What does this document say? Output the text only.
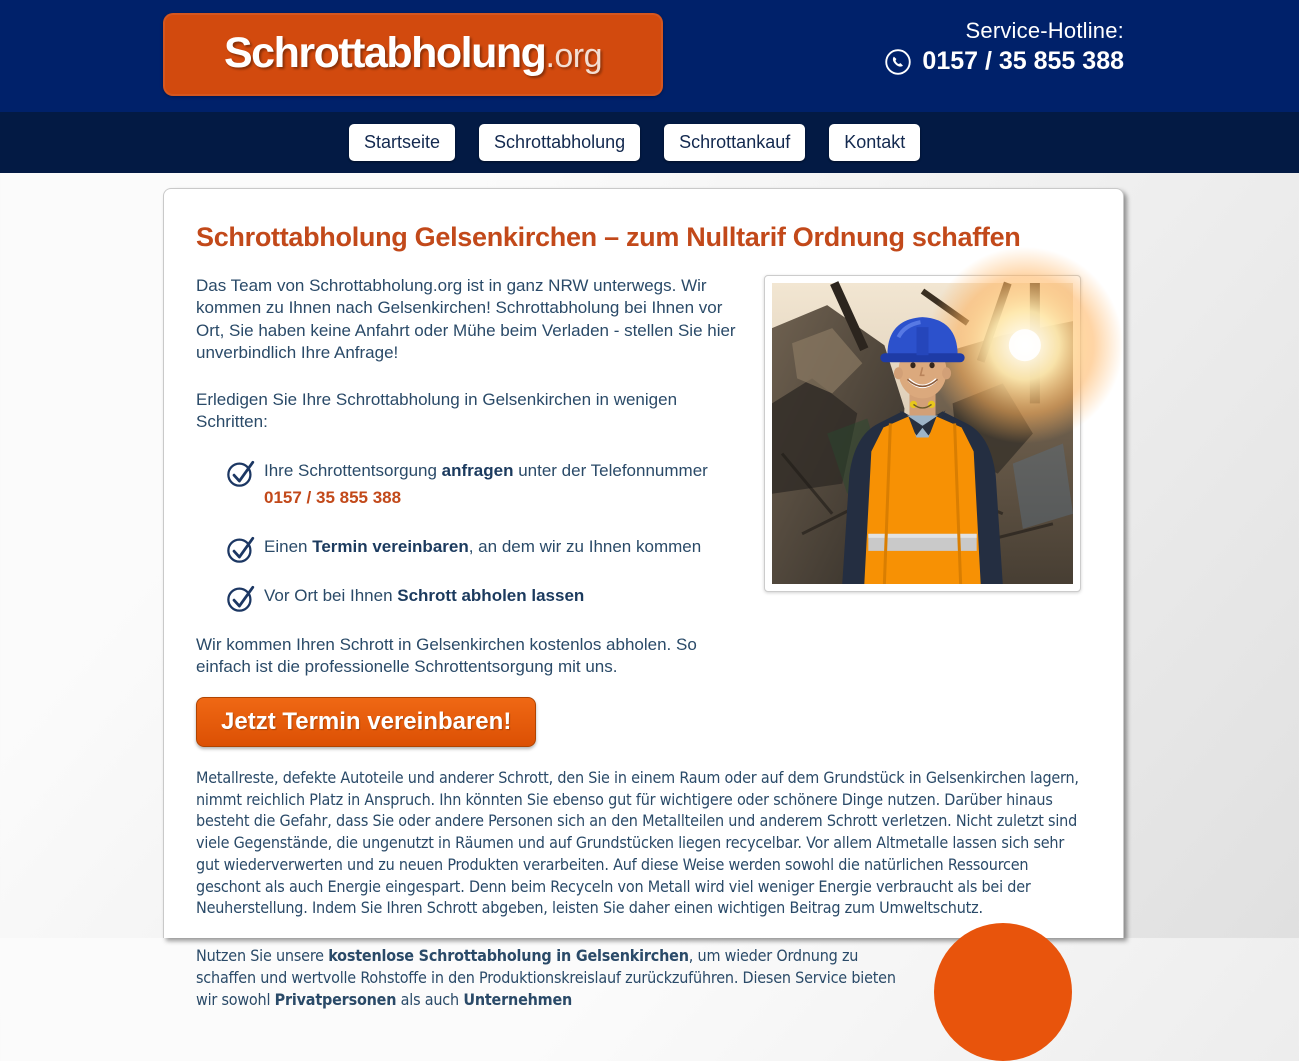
Schrottabholung .org
Service-Hotline:
0157 / 35 855 388
Startseite	Schrottabholung	Schrottankauf	Kontakt
Schrottabholung Gelsenkirchen – zum Nulltarif Ordnung schaffen

Das Team von Schrottabholung.org ist in ganz NRW unterwegs. Wir kommen zu Ihnen nach Gelsenkirchen! Schrottabholung bei Ihnen vor Ort, Sie haben keine Anfahrt oder Mühe beim Verladen - stellen Sie hier unverbindlich Ihre Anfrage!

Erledigen Sie Ihre Schrottabholung in Gelsenkirchen in wenigen Schritten:

Ihre Schrottentsorgung anfragen unter der Telefonnummer
0157 / 35 855 388
Einen Termin vereinbaren, an dem wir zu Ihnen kommen
Vor Ort bei Ihnen Schrott abholen lassen

Wir kommen Ihren Schrott in Gelsenkirchen kostenlos abholen. So einfach ist die professionelle Schrottentsorgung mit uns.

Jetzt Termin vereinbaren!

Metallreste, defekte Autoteile und anderer Schrott, den Sie in einem Raum oder auf dem Grundstück in Gelsenkirchen lagern, nimmt reichlich Platz in Anspruch. Ihn könnten Sie ebenso gut für wichtigere oder schönere Dinge nutzen. Darüber hinaus besteht die Gefahr, dass Sie oder andere Personen sich an den Metallteilen und anderem Schrott verletzen. Nicht zuletzt sind viele Gegenstände, die ungenutzt in Räumen und auf Grundstücken liegen recycelbar. Vor allem Altmetalle lassen sich sehr gut wiederverwerten und zu neuen Produkten verarbeiten. Auf diese Weise werden sowohl die natürlichen Ressourcen geschont als auch Energie eingespart. Denn beim Recyceln von Metall wird viel weniger Energie verbraucht als bei der Neuherstellung. Indem Sie Ihren Schrott abgeben, leisten Sie daher einen wichtigen Beitrag zum Umweltschutz.

Nutzen Sie unsere kostenlose Schrottabholung in Gelsenkirchen, um wieder Ordnung zu schaffen und wertvolle Rohstoffe in den Produktionskreislauf zurückzuführen. Diesen Service bieten wir sowohl Privatpersonen als auch Unternehmen
